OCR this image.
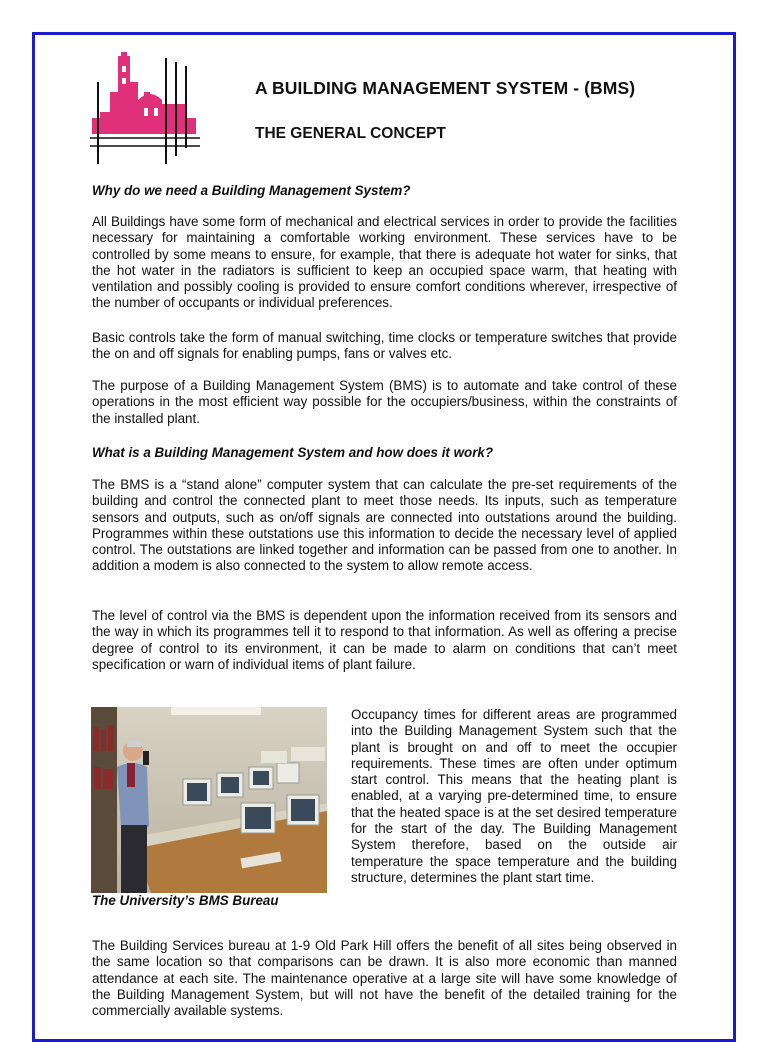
A BUILDING MANAGEMENT SYSTEM - (BMS)
THE GENERAL CONCEPT

Why do we need a Building Management System?

All Buildings have some form of mechanical and electrical services in order to provide the facilities necessary for maintaining a comfortable working environment. These services have to be controlled by some means to ensure, for example, that there is adequate hot water for sinks, that the hot water in the radiators is sufficient to keep an occupied space warm, that heating with ventilation and possibly cooling is provided to ensure comfort conditions wherever, irrespective of the number of occupants or individual preferences.

Basic controls take the form of manual switching, time clocks or temperature switches that provide the on and off signals for enabling pumps, fans or valves etc.

The purpose of a Building Management System (BMS) is to automate and take control of these operations in the most efficient way possible for the occupiers/business, within the constraints of the installed plant.

What is a Building Management System and how does it work?

The BMS is a “stand alone” computer system that can calculate the pre-set requirements of the building and control the connected plant to meet those needs. Its inputs, such as temperature sensors and outputs, such as on/off signals are connected into outstations around the building. Programmes within these outstations use this information to decide the necessary level of applied control. The outstations are linked together and information can be passed from one to another. In addition a modem is also connected to the system to allow remote access.

The level of control via the BMS is dependent upon the information received from its sensors and the way in which its programmes tell it to respond to that information. As well as offering a precise degree of control to its environment, it can be made to alarm on conditions that can’t meet specification or warn of individual items of plant failure.

The University’s BMS Bureau

Occupancy times for different areas are programmed into the Building Management System such that the plant is brought on and off to meet the occupier requirements. These times are often under optimum start control. This means that the heating plant is enabled, at a varying pre-determined time, to ensure that the heated space is at the set desired temperature for the start of the day. The Building Management System therefore, based on the outside air temperature the space temperature and the building structure, determines the plant start time.

The Building Services bureau at 1-9 Old Park Hill offers the benefit of all sites being observed in the same location so that comparisons can be drawn. It is also more economic than manned attendance at each site. The maintenance operative at a large site will have some knowledge of the Building Management System, but will not have the benefit of the detailed training for the commercially available systems.
